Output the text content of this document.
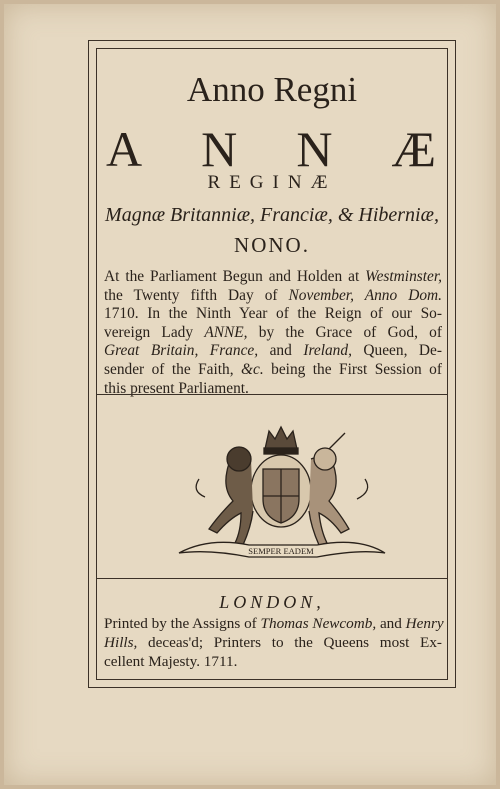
Anno Regni
A N N Æ
REGINÆ
Magnæ Britanniæ, Franciæ, & Hiberniæ,
NONO.
At the Parliament Begun and Holden at Westminster,
the Twenty fifth Day of November, Anno Dom.
1710. In the Ninth Year of the Reign of our So-
vereign Lady ANNE, by the Grace of God, of
Great Britain, France, and Ireland, Queen, De-
sender of the Faith, &c. being the First Session of
this present Parliament.
SEMPER EADEM
LONDON,
Printed by the Assigns of Thomas Newcomb, and Henry
Hills, deceas'd; Printers to the Queens most Ex-
cellent Majesty. 1711.
